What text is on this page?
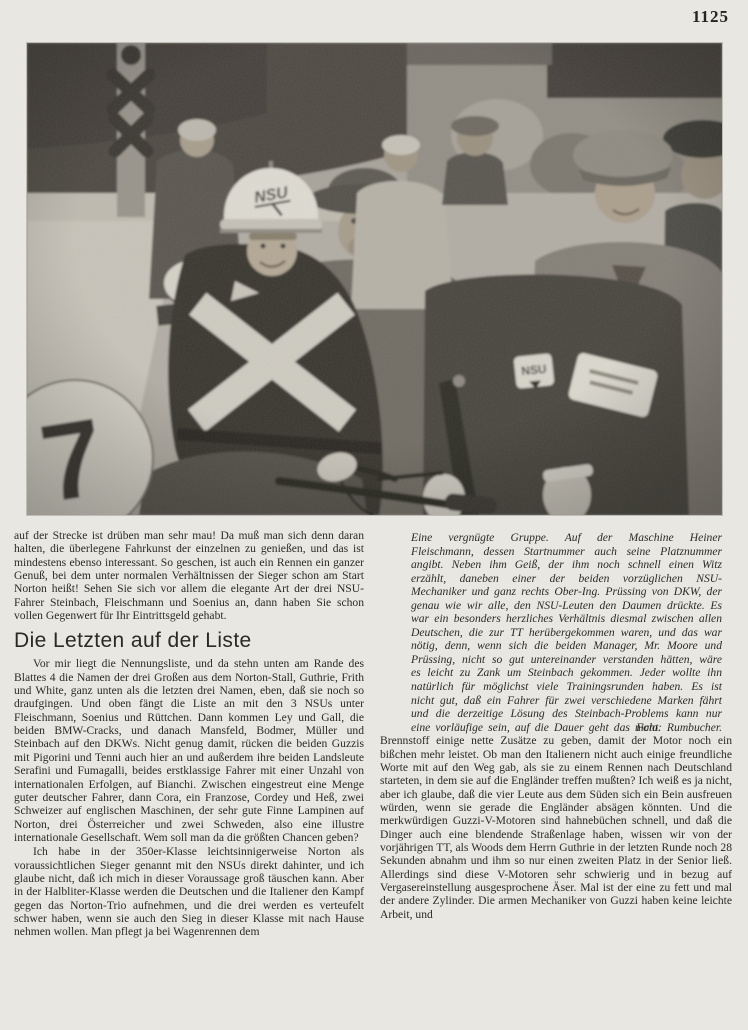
1125

auf der Strecke ist drüben man sehr mau! Da muß man sich denn daran halten, die überlegene Fahrkunst der einzelnen zu genießen, und das ist mindestens ebenso interessant. So geschen, ist auch ein Rennen ein ganzer Genuß, bei dem unter normalen Verhältnissen der Sieger schon am Start Norton heißt! Sehen Sie sich vor allem die elegante Art der drei NSU-Fahrer Steinbach, Fleischmann und Soenius an, dann haben Sie schon vollen Gegenwert für Ihr Eintrittsgeld gehabt.

Die Letzten auf der Liste

Vor mir liegt die Nennungsliste, und da stehn unten am Rande des Blattes 4 die Namen der drei Großen aus dem Norton-Stall, Guthrie, Frith und White, ganz unten als die letzten drei Namen, eben, daß sie noch so draufgingen. Und oben fängt die Liste an mit den 3 NSUs unter Fleischmann, Soenius und Rüttchen. Dann kommen Ley und Gall, die beiden BMW-Cracks, und danach Mansfeld, Bodmer, Müller und Steinbach auf den DKWs. Nicht genug damit, rücken die beiden Guzzis mit Pigorini und Tenni auch hier an und außerdem ihre beiden Landsleute Serafini und Fumagalli, beides erstklassige Fahrer mit einer Unzahl von internationalen Erfolgen, auf Bianchi. Zwischen eingestreut eine Menge guter deutscher Fahrer, dann Cora, ein Franzose, Cordey und Heß, zwei Schweizer auf englischen Maschinen, der sehr gute Finne Lampinen auf Norton, drei Österreicher und zwei Schweden, also eine illustre internationale Gesellschaft. Wem soll man da die größten Chancen geben?

Ich habe in der 350er-Klasse leichtsinnigerweise Norton als voraussichtlichen Sieger genannt mit den NSUs direkt dahinter, und ich glaube nicht, daß ich mich in dieser Voraussage groß täuschen kann. Aber in der Halbliter-Klasse werden die Deutschen und die Italiener den Kampf gegen das Norton-Trio aufnehmen, und die drei werden es verteufelt schwer haben, wenn sie auch den Sieg in dieser Klasse mit nach Hause nehmen wollen. Man pflegt ja bei Wagenrennen dem

Eine vergnügte Gruppe. Auf der Maschine Heiner Fleischmann, dessen Startnummer auch seine Platznummer angibt. Neben ihm Geiß, der ihm noch schnell einen Witz erzählt, daneben einer der beiden vorzüglichen NSU-Mechaniker und ganz rechts Ober-Ing. Prüssing von DKW, der genau wie wir alle, den NSU-Leuten den Daumen drückte. Es war ein besonders herzliches Verhältnis diesmal zwischen allen Deutschen, die zur TT herübergekommen waren, und das war nötig, denn, wenn sich die beiden Manager, Mr. Moore und Prüssing, nicht so gut untereinander verstanden hätten, wäre es leicht zu Zank um Steinbach gekommen. Jeder wollte ihn natürlich für möglichst viele Trainingsrunden haben. Es ist nicht gut, daß ein Fahrer für zwei verschiedene Marken fährt und die derzeitige Lösung des Steinbach-Problems kann nur eine vorläufige sein, auf die Dauer geht das nicht.
Foto: Rumbucher.

Brennstoff einige nette Zusätze zu geben, damit der Motor noch ein bißchen mehr leistet. Ob man den Italienern nicht auch einige freundliche Worte mit auf den Weg gab, als sie zu einem Rennen nach Deutschland starteten, in dem sie auf die Engländer treffen mußten? Ich weiß es ja nicht, aber ich glaube, daß die vier Leute aus dem Süden sich ein Bein ausfreuen würden, wenn sie gerade die Engländer absägen könnten. Und die merkwürdigen Guzzi-V-Motoren sind hahnebüchen schnell, und daß die Dinger auch eine blendende Straßenlage haben, wissen wir von der vorjährigen TT, als Woods dem Herrn Guthrie in der letzten Runde noch 28 Sekunden abnahm und ihm so nur einen zweiten Platz in der Senior ließ. Allerdings sind diese V-Motoren sehr schwierig und in bezug auf Vergasereinstellung ausgesprochene Äser. Mal ist der eine zu fett und mal der andere Zylinder. Die armen Mechaniker von Guzzi haben keine leichte Arbeit, und
